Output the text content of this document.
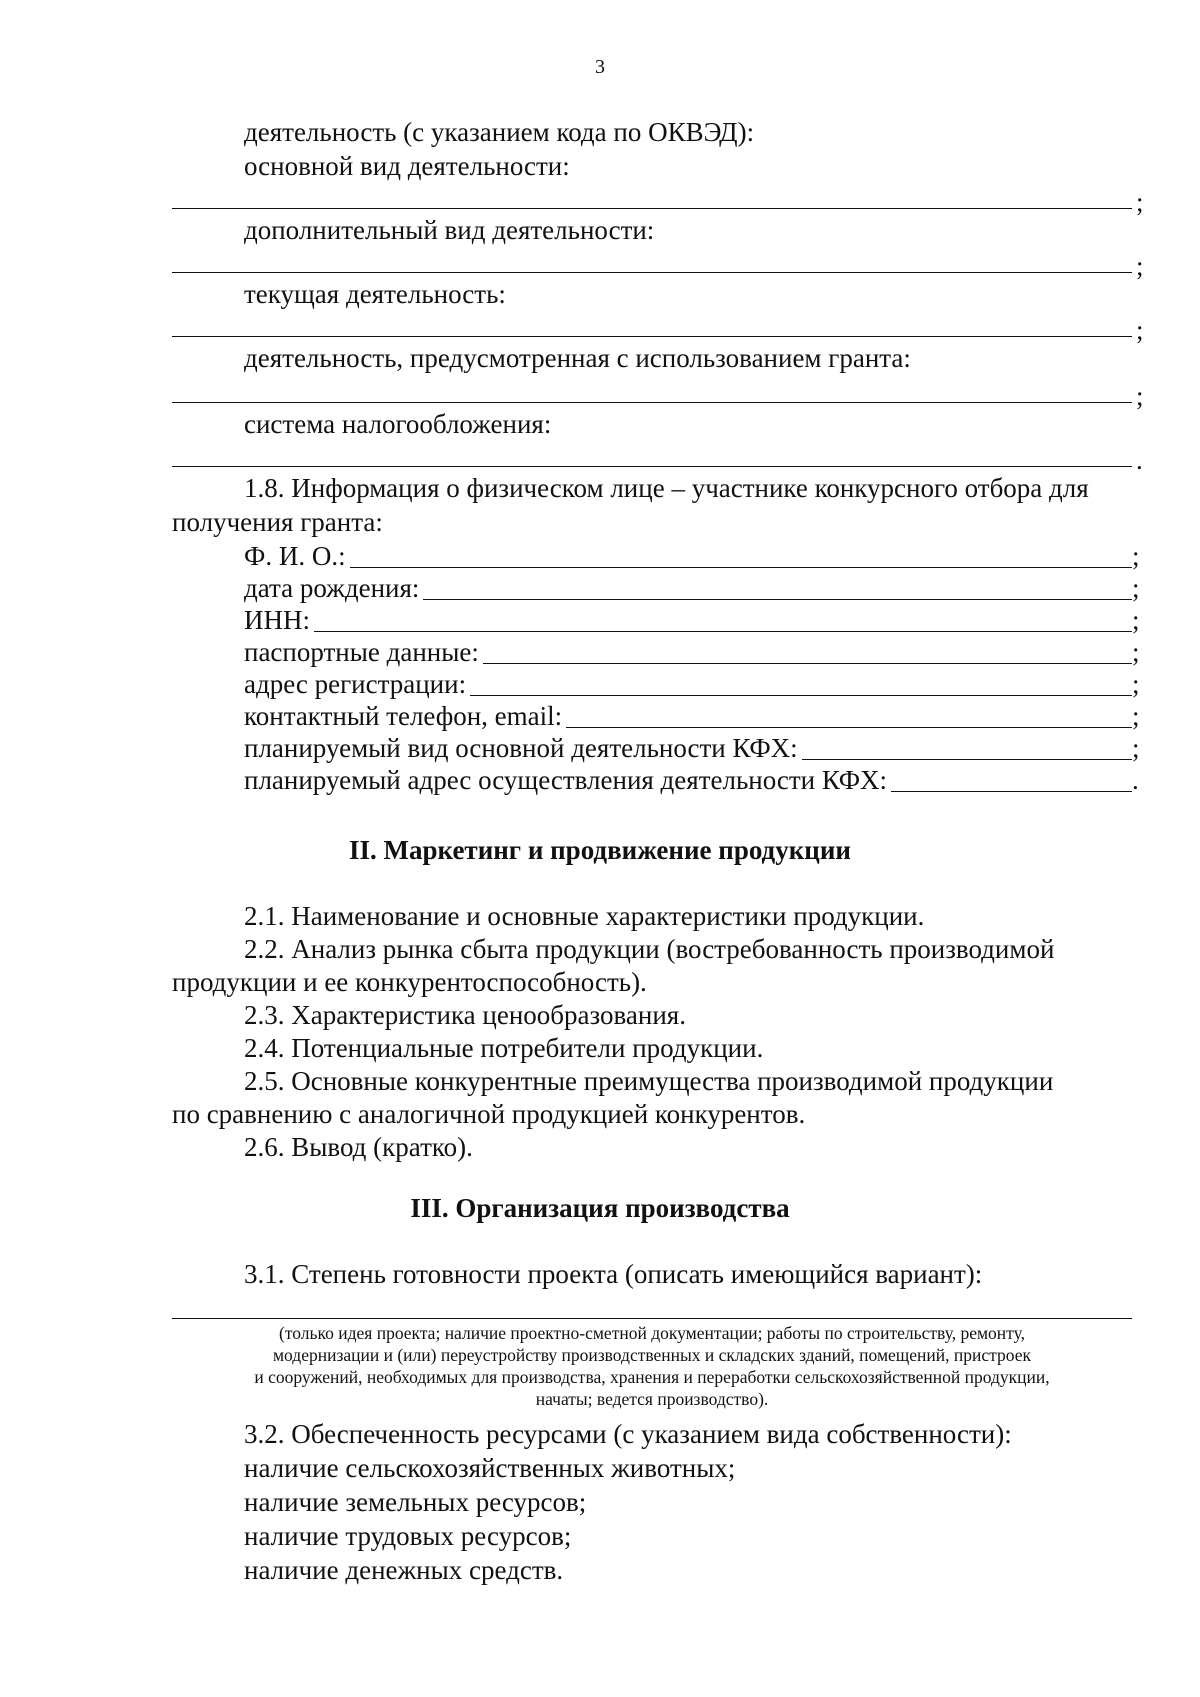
3
деятельность (с указанием кода по ОКВЭД):
основной вид деятельности:
;
дополнительный вид деятельности:
;
текущая деятельность:
;
деятельность, предусмотренная с использованием гранта:
;
система налогообложения:
.
1.8. Информация о физическом лице – участнике конкурсного отбора для
получения гранта:
Ф. И. О.:	;
дата рождения:	;
ИНН:	;
паспортные данные:	;
адрес регистрации:	;
контактный телефон, email:	;
планируемый вид основной деятельности КФХ:	;
планируемый адрес осуществления деятельности КФХ:	.
II. Маркетинг и продвижение продукции
2.1. Наименование и основные характеристики продукции.
2.2. Анализ рынка сбыта продукции (востребованность производимой
продукции и ее конкурентоспособность).
2.3. Характеристика ценообразования.
2.4. Потенциальные потребители продукции.
2.5. Основные конкурентные преимущества производимой продукции
по сравнению с аналогичной продукцией конкурентов.
2.6. Вывод (кратко).
III. Организация производства
3.1. Степень готовности проекта (описать имеющийся вариант):
(только идея проекта; наличие проектно-сметной документации; работы по строительству, ремонту,
модернизации и (или) переустройству производственных и складских зданий, помещений, пристроек
и сооружений, необходимых для производства, хранения и переработки сельскохозяйственной продукции,
начаты; ведется производство).
3.2. Обеспеченность ресурсами (с указанием вида собственности):
наличие сельскохозяйственных животных;
наличие земельных ресурсов;
наличие трудовых ресурсов;
наличие денежных средств.
